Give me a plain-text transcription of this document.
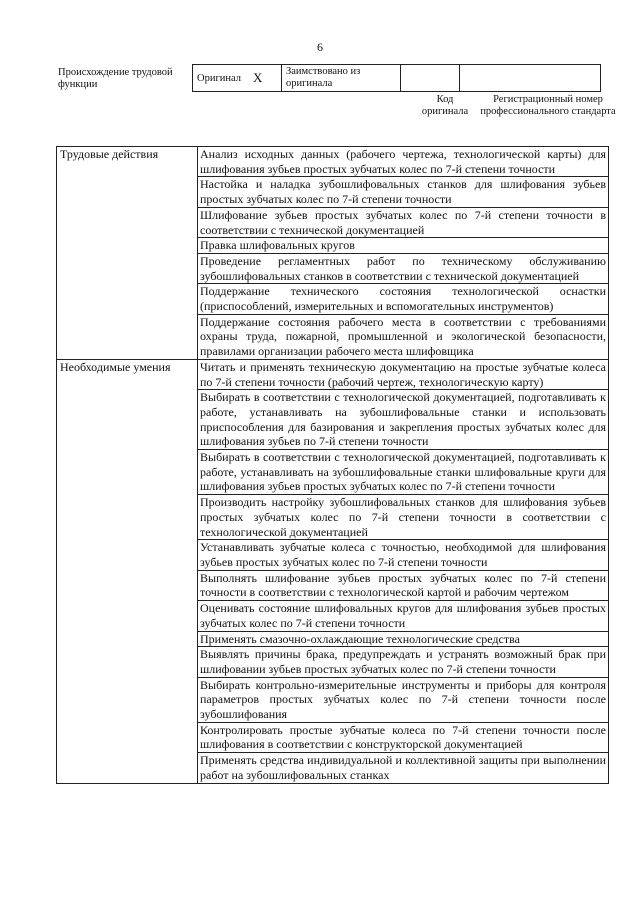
6
Происхождение трудовой функции
Оригинал	X	Заимствовано из оригинала		
Код оригинала
Регистрационный номер профессионального стандарта
Трудовые действия	Анализ исходных данных (рабочего чертежа, технологической карты) для шлифования зубьев простых зубчатых колес по 7-й степени точности
	Настойка и наладка зубошлифовальных станков для шлифования зубьев простых зубчатых колес по 7-й степени точности
	Шлифование зубьев простых зубчатых колес по 7-й степени точности в соответствии с технической документацией
	Правка шлифовальных кругов
	Проведение регламентных работ по техническому обслуживанию зубошлифовальных станков в соответствии с технической документацией
	Поддержание технического состояния технологической оснастки (приспособлений, измерительных и вспомогательных инструментов)
	Поддержание состояния рабочего места в соответствии с требованиями охраны труда, пожарной, промышленной и экологической безопасности, правилами организации рабочего места шлифовщика
Необходимые умения	Читать и применять техническую документацию на простые зубчатые колеса по 7-й степени точности (рабочий чертеж, технологическую карту)
	Выбирать в соответствии с технологической документацией, подготавливать к работе, устанавливать на зубошлифовальные станки и использовать приспособления для базирования и закрепления простых зубчатых колес для шлифования зубьев по 7-й степени точности
	Выбирать в соответствии с технологической документацией, подготавливать к работе, устанавливать на зубошлифовальные станки шлифовальные круги для шлифования зубьев простых зубчатых колес по 7-й степени точности
	Производить настройку зубошлифовальных станков для шлифования зубьев простых зубчатых колес по 7-й степени точности в соответствии с технологической документацией
	Устанавливать зубчатые колеса с точностью, необходимой для шлифования зубьев простых зубчатых колес по 7-й степени точности
	Выполнять шлифование зубьев простых зубчатых колес по 7-й степени точности в соответствии с технологической картой и рабочим чертежом
	Оценивать состояние шлифовальных кругов для шлифования зубьев простых зубчатых колес по 7-й степени точности
	Применять смазочно-охлаждающие технологические средства
	Выявлять причины брака, предупреждать и устранять возможный брак при шлифовании зубьев простых зубчатых колес по 7-й степени точности
	Выбирать контрольно-измерительные инструменты и приборы для контроля параметров простых зубчатых колес по 7-й степени точности после зубошлифования
	Контролировать простые зубчатые колеса по 7-й степени точности после шлифования в соответствии с конструкторской документацией
	Применять средства индивидуальной и коллективной защиты при выполнении работ на зубошлифовальных станках
